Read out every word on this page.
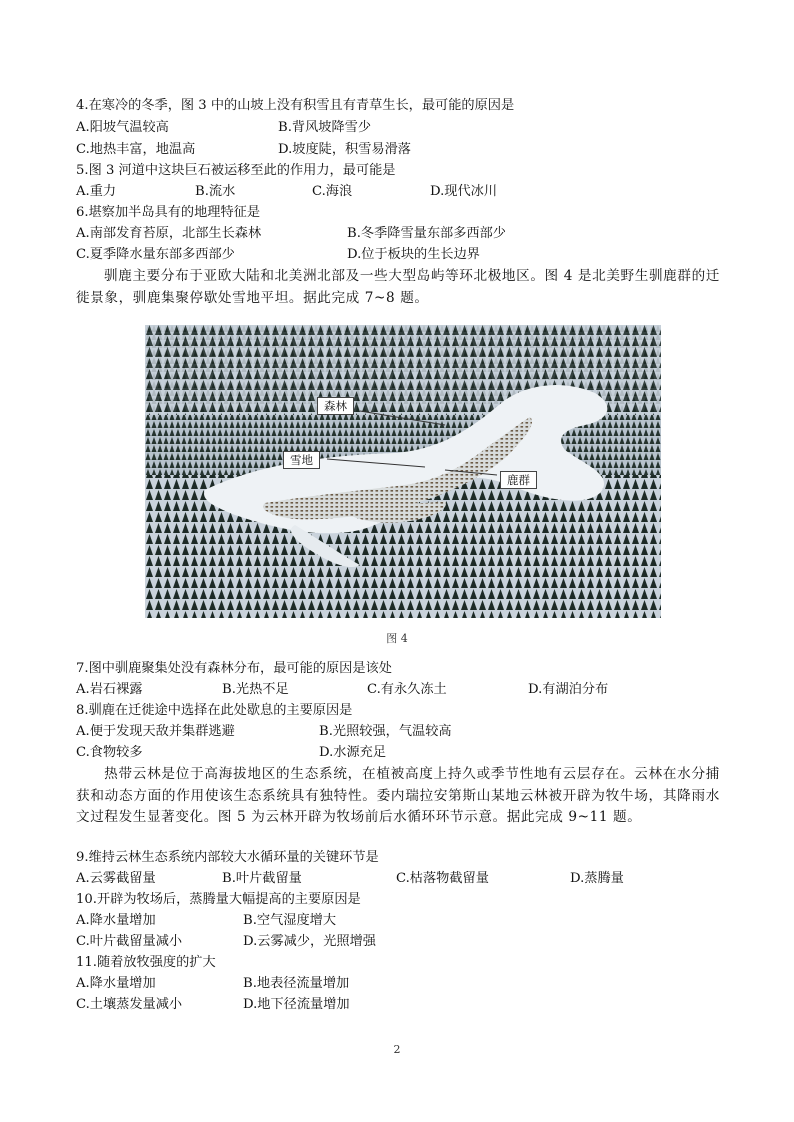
4.在寒冷的冬季，图 3 中的山坡上没有积雪且有青草生长，最可能的原因是
A.阳坡气温较高	B.背风坡降雪少
C.地热丰富，地温高	D.坡度陡，积雪易滑落
5.图 3 河道中这块巨石被运移至此的作用力，最可能是
A.重力	B.流水	C.海浪	D.现代冰川
6.堪察加半岛具有的地理特征是
A.南部发育苔原，北部生长森林	B.冬季降雪量东部多西部少
C.夏季降水量东部多西部少	D.位于板块的生长边界
驯鹿主要分布于亚欧大陆和北美洲北部及一些大型岛屿等环北极地区。图 4 是北美野生驯鹿群的迁徙景象，驯鹿集聚停歇处雪地平坦。据此完成 7~8 题。
森林
雪地
鹿群
图 4
7.图中驯鹿聚集处没有森林分布，最可能的原因是该处
A.岩石裸露	B.光热不足	C.有永久冻土	D.有湖泊分布
8.驯鹿在迁徙途中选择在此处歇息的主要原因是
A.便于发现天敌并集群逃避	B.光照较强，气温较高
C.食物较多	D.水源充足
热带云林是位于高海拔地区的生态系统，在植被高度上持久或季节性地有云层存在。云林在水分捕获和动态方面的作用使该生态系统具有独特性。委内瑞拉安第斯山某地云林被开辟为牧牛场，其降雨水文过程发生显著变化。图 5 为云林开辟为牧场前后水循环环节示意。据此完成 9~11 题。
9.维持云林生态系统内部较大水循环量的关键环节是
A.云雾截留量	B.叶片截留量	C.枯落物截留量	D.蒸腾量
10.开辟为牧场后，蒸腾量大幅提高的主要原因是
A.降水量增加	B.空气湿度增大
C.叶片截留量减小	D.云雾减少，光照增强
11.随着放牧强度的扩大
A.降水量增加	B.地表径流量增加
C.土壤蒸发量减小	D.地下径流量增加
2
